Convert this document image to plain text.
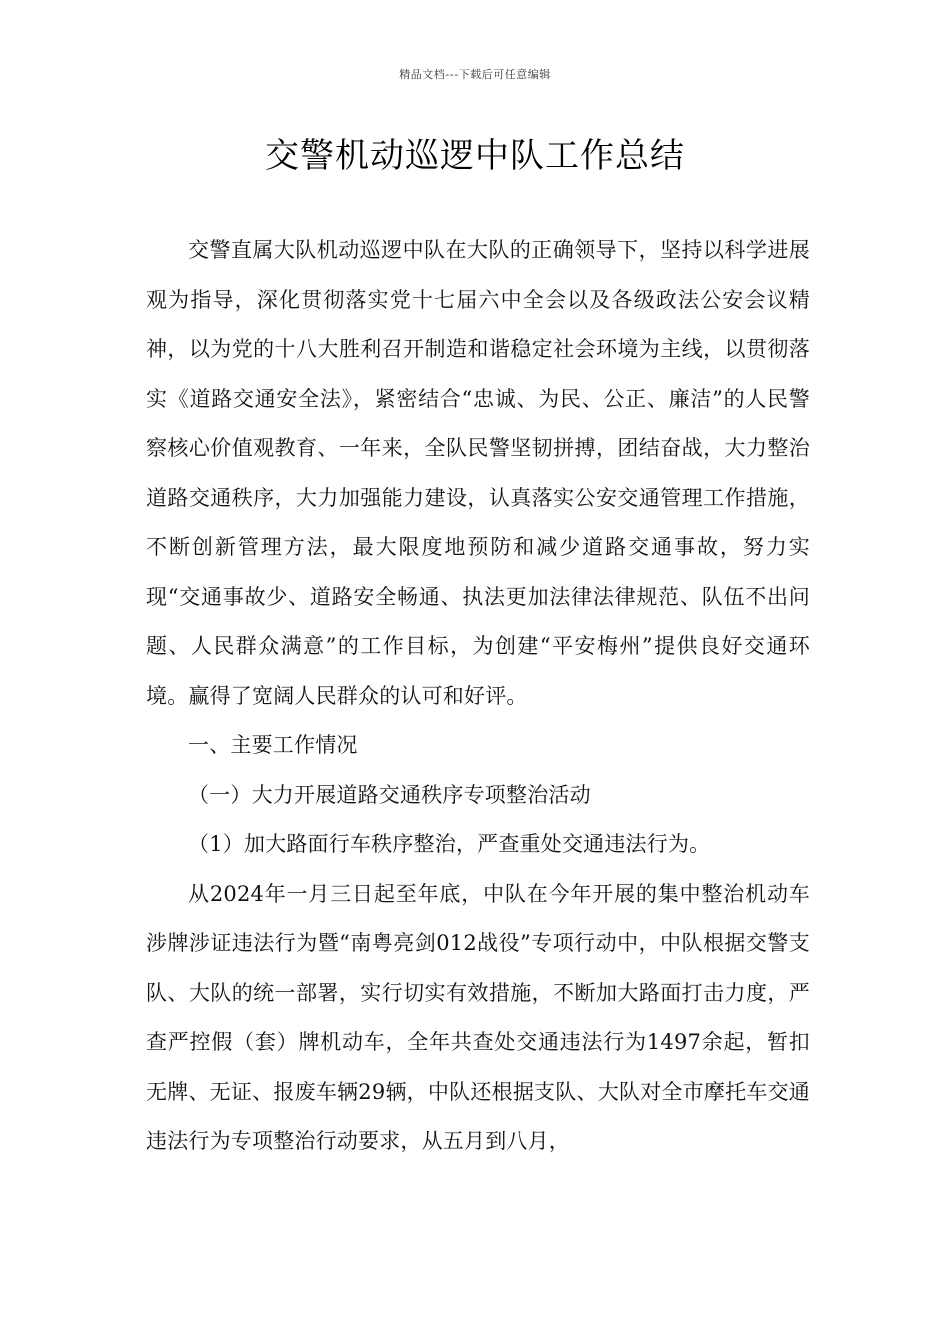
精品文档---下载后可任意编辑
交警机动巡逻中队工作总结

交警直属大队机动巡逻中队在大队的正确领导下，坚持以科学进展观为指导，深化贯彻落实党十七届六中全会以及各级政法公安会议精神，以为党的十八大胜利召开制造和谐稳定社会环境为主线，以贯彻落实《道路交通安全法》，紧密结合“忠诚、为民、公正、廉洁”的人民警察核心价值观教育、一年来，全队民警坚韧拼搏，团结奋战，大力整治道路交通秩序，大力加强能力建设，认真落实公安交通管理工作措施，不断创新管理方法，最大限度地预防和减少道路交通事故，努力实现“交通事故少、道路安全畅通、执法更加法律法律规范、队伍不出问题、人民群众满意”的工作目标，为创建“平安梅州”提供良好交通环境。赢得了宽阔人民群众的认可和好评。

一、主要工作情况

（一）大力开展道路交通秩序专项整治活动

（1）加大路面行车秩序整治，严查重处交通违法行为。

从2024年一月三日起至年底，中队在今年开展的集中整治机动车涉牌涉证违法行为暨“南粤亮剑012战役”专项行动中，中队根据交警支队、大队的统一部署，实行切实有效措施，不断加大路面打击力度，严查严控假（套）牌机动车，全年共查处交通违法行为1497余起，暂扣无牌、无证、报废车辆29辆，中队还根据支队、大队对全市摩托车交通违法行为专项整治行动要求，从五月到八月，
